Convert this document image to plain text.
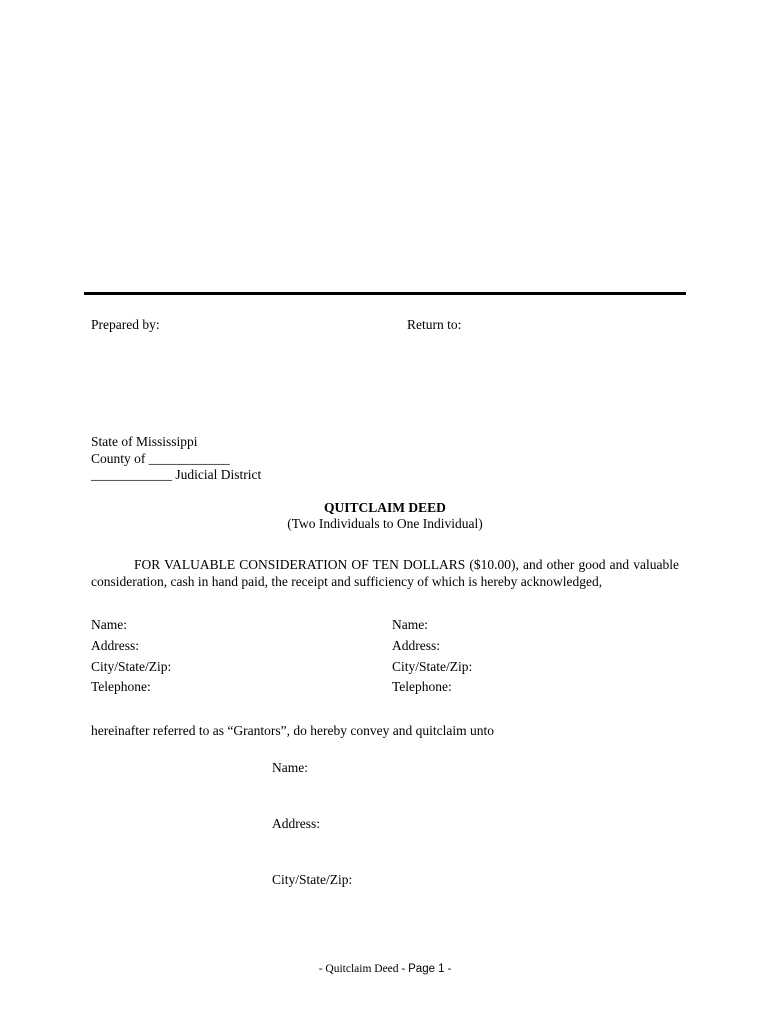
Prepared by:	Return to:
State of Mississippi
County of ____________
____________ Judicial District
QUITCLAIM DEED
(Two Individuals to One Individual)
FOR VALUABLE CONSIDERATION OF TEN DOLLARS ($10.00), and other good and valuable consideration, cash in hand paid, the receipt and sufficiency of which is hereby acknowledged,
Name:
Address:
City/State/Zip:
Telephone:
Name:
Address:
City/State/Zip:
Telephone:
hereinafter referred to as “Grantors”, do hereby convey and quitclaim unto
Name:
Address:
City/State/Zip:
- Quitclaim Deed - Page 1 -
